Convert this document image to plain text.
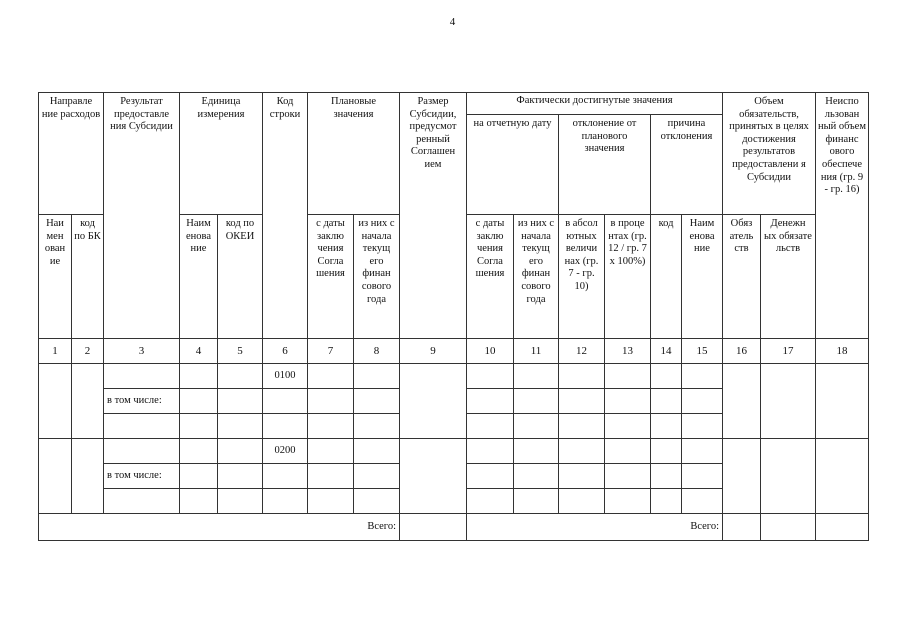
4
Направле ние расходов		Результат предоставле ния Субсидии	Единица измерения		Код строки	Плановые значения		Размер Субсидии, предусмот ренный Соглашен ием	Фактически достигнутые значения						Объем обязательств, принятых в целях достижения результатов предоставлени я Субсидии		Неиспо льзован ный объем финанс ового обеспече ния (гр. 9 - гр. 16)
									на отчетную дату		отклонение от планового значения		причина отклонения				
Наи мен ован ие	код по БК		Наим енова ние	код по ОКЕИ		с даты заклю чения Согла шения	из них с начала текущ его финан сового года		с даты заклю чения Согла шения	из них с начала текущ его финан сового года	в абсол ютных величи нах (гр. 7 - гр. 10)	в проце нтах (гр. 12 / гр. 7 x 100%)	код	Наим енова ние	Обяз атель ств	Денежн ых обязате льств	
1	2	3	4	5	6	7	8	9	10	11	12	13	14	15	16	17	18
					0100												
		в том числе:															

					0200												
		в том числе:															

Всего:									Всего:								
